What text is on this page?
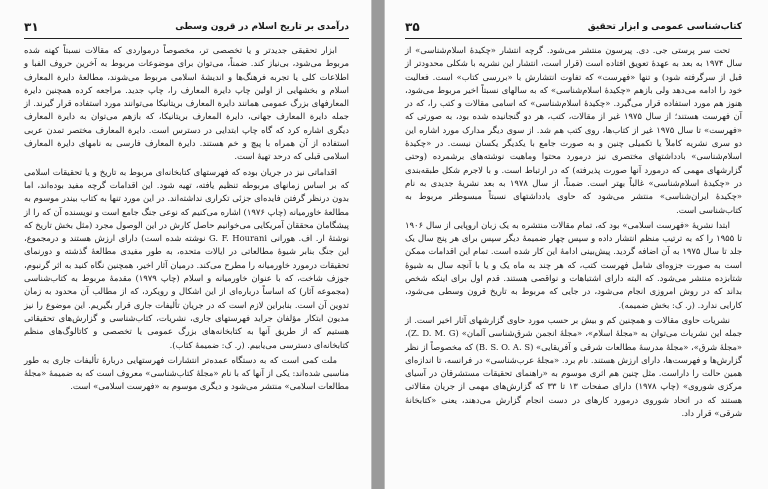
۳۱	درآمدی بر تاریخ اسلام در قرون وسطی

ابزار تحقیقی جدیدتر و یا تخصصی تر، مخصوصاً درمواردی که مقالات نسبتاً کهنه شده مربوط می‌شود، بی‌نیاز کند. ضمناً، می‌توان برای موضوعات مربوط به آخرین حروف الفبا و اطلاعات کلی یا تجربه فرهنگ‌ها و اندیشهٔ اسلامی مربوط می‌شوند، مطالعهٔ دایرة المعارف اسلام و بخشهایی از اولین چاپ دایرة المعارف را، چاپ جدید. مراجعه کرده همچنین دایرة المعارفهای بزرگ عمومی همانند دایرة المعارف بریتانیکا می‌توانند مورد استفاده قرار گیرند. از جمله دایرة المعارف جهانی، دایرة المعارف بریتانیکا، که بازهم می‌توان به دایرة المعارف دیگری اشاره کرد که گاه چاپ ابتدایی در دسترس است. دایرة المعارف مختصر تمدن عربی استفاده از آن همراه با پیچ و خم هستند. دایرة المعارف فارسی به نامهای دایرة المعارف اسلامی قبلی که درحد تهیهٔ است.

اقداماتی نیز در جریان بوده که فهرستهای کتابخانه‌ای مربوط به تاریخ و یا تحقیقات اسلامی که بر اساس زمانهای مربوطه تنظیم یافته، تهیه شود. این اقدامات گرچه مفید بوده‌اند، اما بدون درنظر گرفتن فایده‌ای جزئی تکراری نداشته‌اند. در این مورد تنها به کتاب بیندر موسوم به مطالعهٔ خاورمیانه (چاپ ۱۹۷۶) اشاره می‌کنیم که نوعی جنگ جامع است و نویسنده آن که را از پیشگامان محققان آمریکایی می‌خوانیم حاصل کارش در این الوصول مجرد (مثل بخش تاریخ که نوشتهٔ ار. اف. هورانی G. F. Hourani نوشته شده است) دارای ارزش هستند و درمجموع، این جنگ بنابر شیوهٔ مطالعاتی در ایالات متحده، به طور مفیدی مطالعهٔ گذشته و دورنمای تحقیقات درمورد خاورمیانه را مطرح می‌کند. درمیان آثار اخیر، همچنین نگاه کنید به اثر گرنبوم، جوزف شاخت، که با عنوان خاورمیانه و اسلام (چاپ ۱۹۷۹) مقدمهٔ مربوط به کتاب‌شناسی (مجموعه آثار) که اساساً درباره‌ای از این اشکال و رویکرد، که از مطالب آن محدود به زمان تدوین آن است. بنابراین لازم است که در جریان تألیفات جاری قرار بگیریم. این موضوع را نیز مدیون ابتکار مؤلفان جراید فهرستهای جاری، نشریات، کتاب‌شناسی و گزارش‌های تحقیقاتی هستیم که از طریق آنها به کتابخانه‌های بزرگ عمومی یا تخصصی و کاتالوگ‌های منظم کتابخانه‌ای دسترسی می‌یابیم. (ر. ک: ضمیمهٔ کتاب).

ملت کمی است که به دستگاه عمده‌تر انتشارات فهرستهایی دربارهٔ تألیفات جاری به طور مناسبی شده‌اند: یکی از آنها که با نام «مجلهٔ کتاب‌شناسی» معروف است که به ضمیمهٔ «مجلهٔ مطالعات اسلامی» منتشر می‌شود و دیگری موسوم به «فهرست اسلامی» است.

۳۵	کتاب‌شناسی عمومی و ابزار تحقیق

تحت سر پرستی جی. دی. پیرسون منتشر می‌شود. گرچه انتشار «چکیدهٔ اسلام‌شناسی» از سال ۱۹۷۴ به بعد به عهدهٔ تعویق افتاده است (قرار است، انتشار این نشریه با شکلی محدودتر از قبل از سرگرفته شود) و تنها «فهرست» که تفاوت انتشارش با «بررسی کتاب» است. فعالیت خود را ادامه می‌دهد ولی بازهم «چکیدهٔ اسلام‌شناسی» که به سالهای نسبتاً اخیر مربوط می‌شود، هنوز هم مورد استفاده قرار می‌گیرد. «چکیدهٔ اسلام‌شناسی» که اسامی مقالات و کتب را، که در آن فهرست هستند؛ از سال ۱۹۷۵ غیر از مقالات، کتب، هر دو گنجانیده شده بود، به صورتی که «فهرست» تا سال ۱۹۷۵ غیر از کتاب‌ها، روی کتب هم شد. از سوی دیگر مدارک مورد اشاره این دو سری نشریه کاملاً یا تکمیلی چنین و به صورت جامع با یکدیگر یکسان نیست. در «چکیدهٔ اسلام‌شناسی» بادداشتهای مختصری نیز درمورد محتوا وماهیت نوشته‌های برشمرده (وحتی گزارشهای مهمی که درمورد آنها صورت پذیرفته) که در ارتباط است. و با لاجرم شکل طبقه‌بندی در «چکیدهٔ اسلام‌شناسی» غالباً بهتر است. ضمناً، از سال ۱۹۷۸ به بعد نشریهٔ جدیدی به نام «چکیدهٔ ایران‌شناسی» منتشر می‌شود که حاوی یادداشتهای نسبتاً مبسوطتر مربوط به کتاب‌شناسی است.

ابتدا نشریهٔ «فهرست اسلامی» بود که، تمام مقالات منتشره به یک زبان اروپایی از سال ۱۹۰۶ تا ۱۹۵۵ را که به ترتیب منظم انتشار داده و سپس چهار ضمیمهٔ دیگر سپس برای هر پنج سال یک جلد تا سال ۱۹۷۵ به آن اضافه گردید. پیش‌بینی ادامهٔ این کار شده است. تمام این اقدامات ممکن است به صورت جزوه‌ای شامل فهرست کتب، که هر چند به ماه یک و یا با آنچه سال به شیوهٔ شتابزده منتشر می‌شود. که البته دارای اشتباهات و نواقصی هستند. قدم اول برای اینکه شخص بداند که در روش امروزی انجام می‌شود، در جایی که مربوط به تاریخ قرون وسطی می‌شود، کارایی ندارد. (ر. ک: بخش ضمیمه).

نشریات حاوی مقالات و همچنین کم و بیش بر حسب مورد حاوی گزارشهای آثار اخیر است. از جمله این نشریات می‌توان به «مجلهٔ اسلام»، «مجلهٔ انجمن شرق‌شناسی آلمان» (Z. D. M. G)، «مجلهٔ شرق»، «مجلهٔ مدرسهٔ مطالعات شرقی و آفریقایی» (B. S. O. A. S) که مخصوصاً از نظر گزارش‌ها و فهرست‌ها، دارای ارزش هستند. نام برد. «مجلهٔ عرب‌شناسی» در فرانسه، تا اندازه‌ای همین حالت را داراست. مثل چنین هم اثری موسوم به «راهنمای تحقیقات مستشرقان در آسیای مرکزی شوروی» (چاپ ۱۹۷۸) دارای صفحات ۱۳ تا ۳۳ که گزارش‌های مهمی از جریان مقالاتی هستند که در اتحاد شوروی درمورد کارهای در دست انجام گزارش می‌دهند، یعنی «کتابخانهٔ شرقی» قرار داد.
